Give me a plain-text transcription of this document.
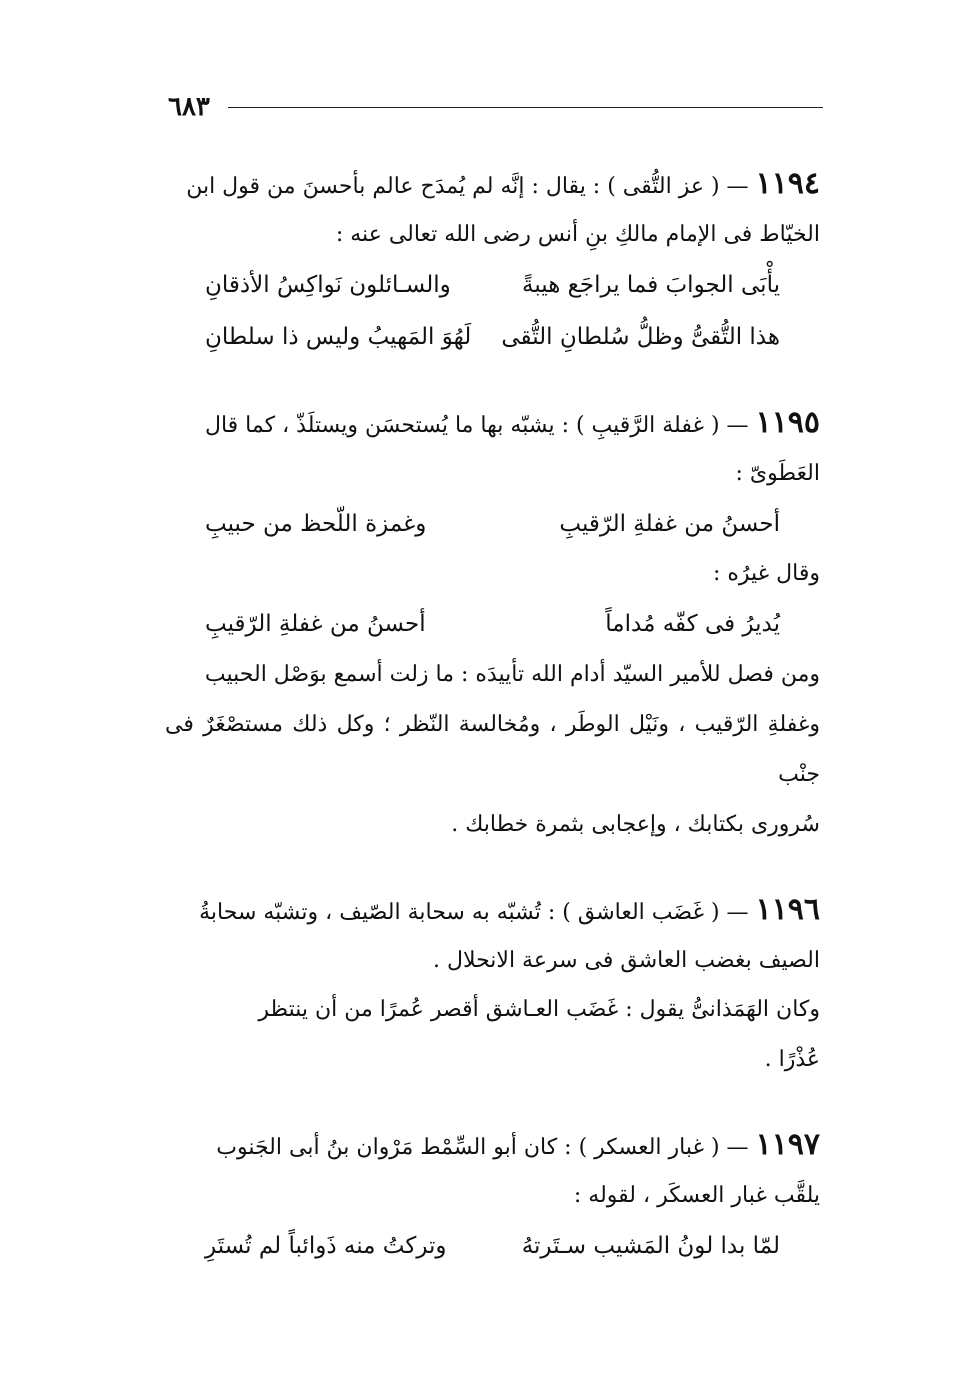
٦٨٣

١١٩٤ — ( عز التُّقى ) : يقال : إنَّه لم يُمدَح عالم بأحسنَ من قول ابن

الخيّاط فى الإمام مالكِ بنِ أنس رضى الله تعالى عنه :

يأْبَى الجوابَ فما يراجَع هيبةً
والسـائلون نَواكِسُ الأذقانِ
هذا التُّقىُّ وظلُّ سُلطانِ التُّقى
لَهُوَ المَهيبُ وليس ذا سلطانِ

١١٩٥ — ( غفلة الرَّقيبِ ) : يشبّه بها ما يُستحسَن ويستلَذّ ، كما قال

العَطَوىّ :

أحسنُ من غفلةِ الرّقيبِ
وغمزة اللّحظ من حبيبِ

وقال غيرُه :

يُديرُ فى كفّه مُداماً
أحسنُ من غفلةِ الرّقيبِ

ومن فصل للأمير السيّد أدام الله تأييدَه : ما زلت أسمع بوَصْل الحبيب

وغفلةِ الرّقيب ، ونَيْل الوطَر ، ومُخالسة النّظر ؛ وكل ذلك مستصْغَرٌ فى جنْب

سُرورى بكتابك ، وإعجابى بثمرة خطابك .

١١٩٦ — ( غَضَب العاشق ) : تُشبّه به سحابة الصّيف ، وتشبّه سحابةُ

الصيف بغضب العاشق فى سرعة الانحلال .

وكان الهَمَذانىُّ يقول : غَضَب العـاشق أقصر عُمرًا من أن ينتظر

عُذْرًا .

١١٩٧ — ( غبار العسكر ) : كان أبو السِّمْط مَرْوان بنُ أبى الجَنوب

يلقَّب غبار العسكَر ، لقوله :

لمّا بدا لونُ المَشيب سـتَرتهُ
وتركتُ منه ذَوائباً لم تُستَرِ
